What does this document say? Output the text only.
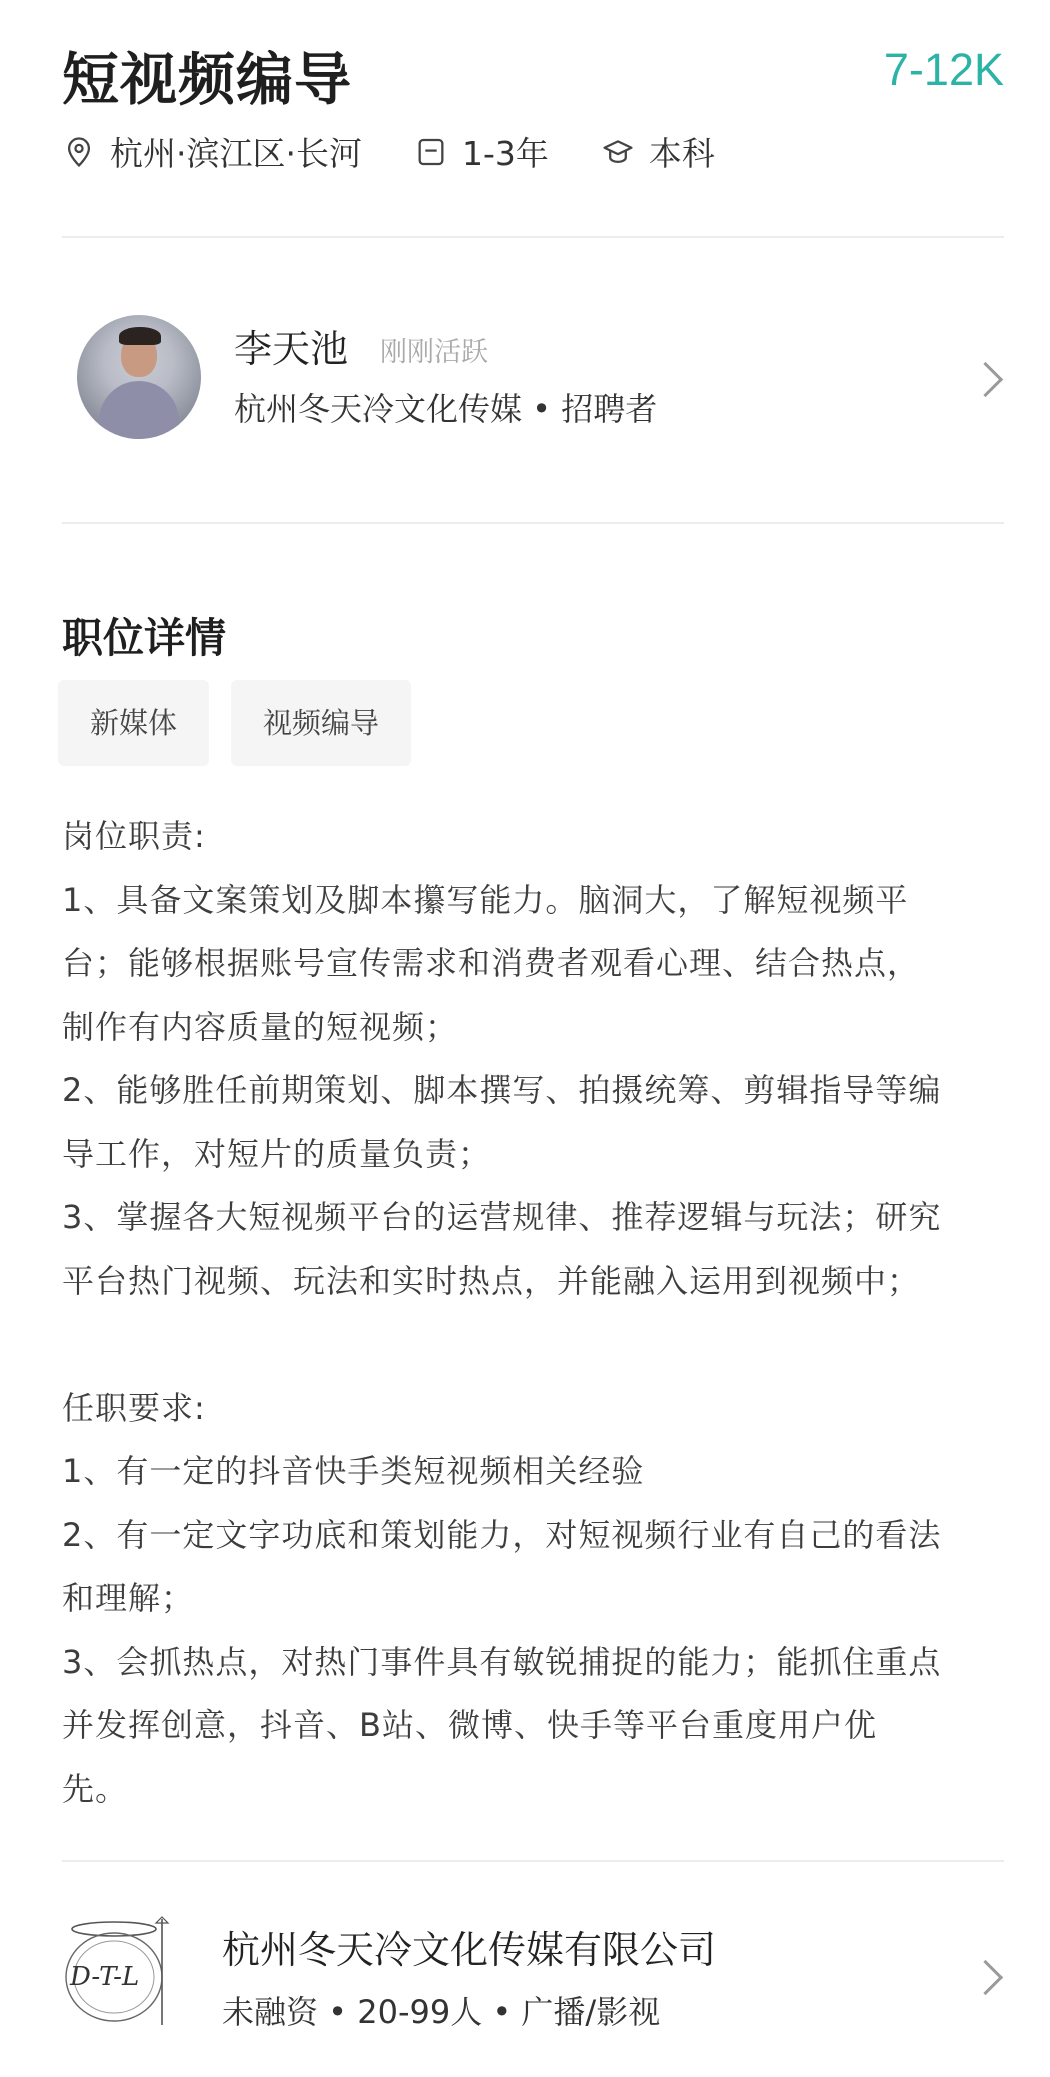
短视频编导	7-12K
杭州·滨江区·长河	1-3年	本科
李天池 刚刚活跃
杭州冬天冷文化传媒 • 招聘者
职位详情
新媒体	视频编导

岗位职责:

1、具备文案策划及脚本攥写能力。脑洞大，了解短视频平

台；能够根据账号宣传需求和消费者观看心理、结合热点，

制作有内容质量的短视频；

2、能够胜任前期策划、脚本撰写、拍摄统筹、剪辑指导等编

导工作，对短片的质量负责；

3、掌握各大短视频平台的运营规律、推荐逻辑与玩法；研究

平台热门视频、玩法和实时热点，并能融入运用到视频中；

任职要求:

1、有一定的抖音快手类短视频相关经验

2、有一定文字功底和策划能力，对短视频行业有自己的看法

和理解；

3、会抓热点，对热门事件具有敏锐捕捉的能力；能抓住重点

并发挥创意，抖音、B站、微博、快手等平台重度用户优

先。

D-T-L
杭州冬天冷文化传媒有限公司
未融资 • 20-99人 • 广播/影视
